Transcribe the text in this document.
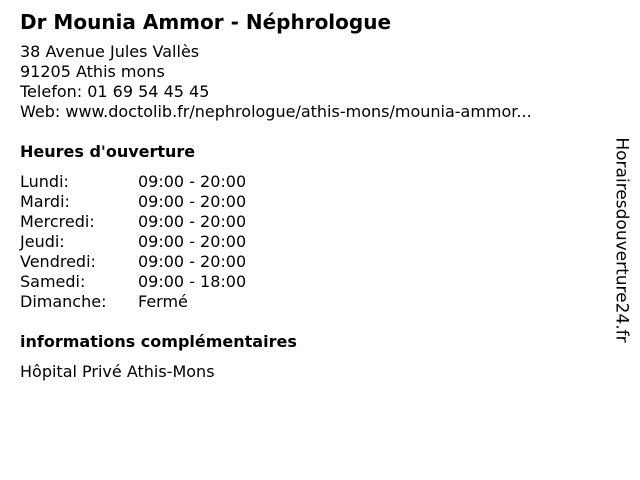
Dr Mounia Ammor - Néphrologue
38 Avenue Jules Vallès
91205 Athis mons
Telefon: 01 69 54 45 45
Web: www.doctolib.fr/nephrologue/athis-mons/mounia-ammor...
Heures d'ouverture
Lundi:	09:00 - 20:00
Mardi:	09:00 - 20:00
Mercredi:	09:00 - 20:00
Jeudi:	09:00 - 20:00
Vendredi:	09:00 - 20:00
Samedi:	09:00 - 18:00
Dimanche:	Fermé
informations complémentaires
Hôpital Privé Athis-Mons
Horairesdouverture24.fr
